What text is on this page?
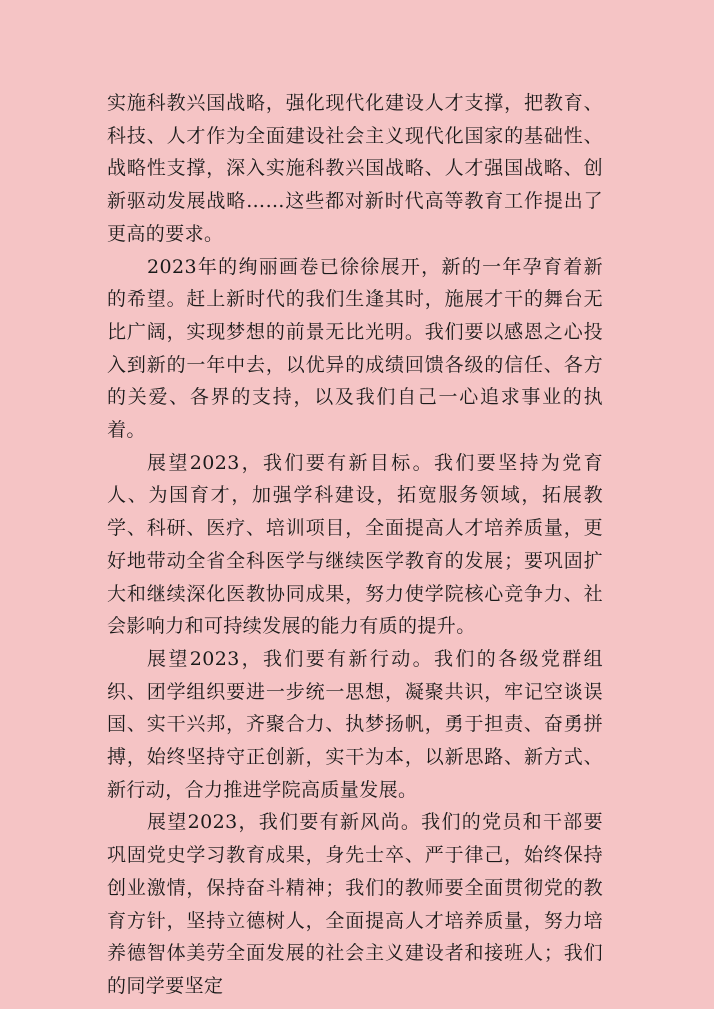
实施科教兴国战略，强化现代化建设人才支撑，把教育、科技、人才作为全面建设社会主义现代化国家的基础性、战略性支撑，深入实施科教兴国战略、人才强国战略、创新驱动发展战略……这些都对新时代高等教育工作提出了更高的要求。

2023年的绚丽画卷已徐徐展开，新的一年孕育着新的希望。赶上新时代的我们生逢其时，施展才干的舞台无比广阔，实现梦想的前景无比光明。我们要以感恩之心投入到新的一年中去，以优异的成绩回馈各级的信任、各方的关爱、各界的支持，以及我们自己一心追求事业的执着。

展望2023，我们要有新目标。我们要坚持为党育人、为国育才，加强学科建设，拓宽服务领域，拓展教学、科研、医疗、培训项目，全面提高人才培养质量，更好地带动全省全科医学与继续医学教育的发展；要巩固扩大和继续深化医教协同成果，努力使学院核心竞争力、社会影响力和可持续发展的能力有质的提升。

展望2023，我们要有新行动。我们的各级党群组织、团学组织要进一步统一思想，凝聚共识，牢记空谈误国、实干兴邦，齐聚合力、执梦扬帆，勇于担责、奋勇拼搏，始终坚持守正创新，实干为本，以新思路、新方式、新行动，合力推进学院高质量发展。

展望2023，我们要有新风尚。我们的党员和干部要巩固党史学习教育成果，身先士卒、严于律己，始终保持创业激情，保持奋斗精神；我们的教师要全面贯彻党的教育方针，坚持立德树人，全面提高人才培养质量，努力培养德智体美劳全面发展的社会主义建设者和接班人；我们的同学要坚定
